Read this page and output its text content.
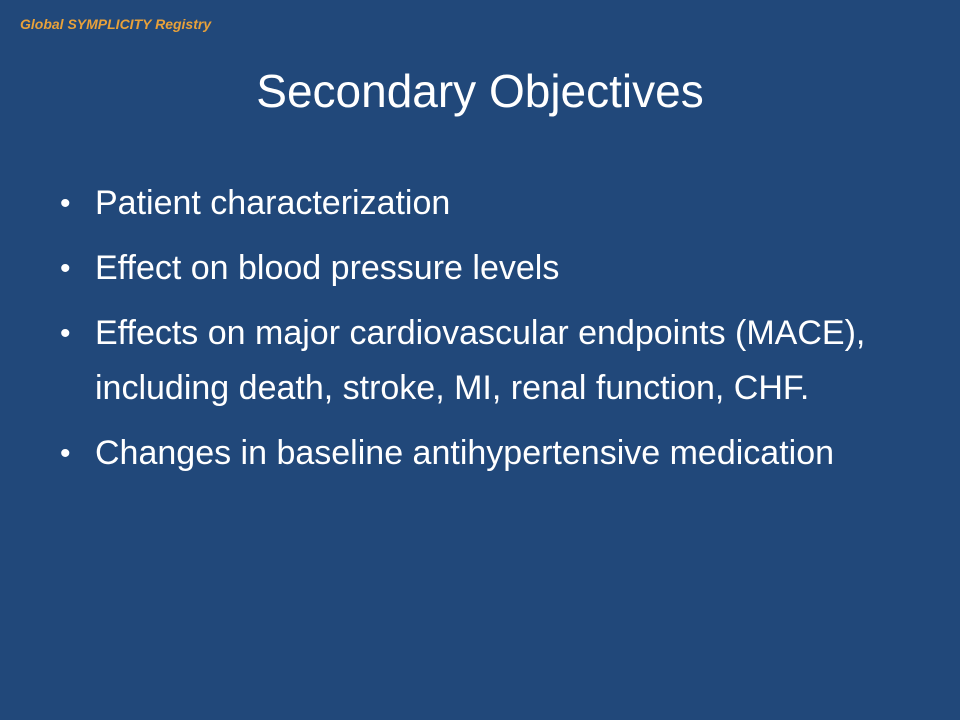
Global SYMPLICITY Registry
Secondary Objectives
• Patient characterization
• Effect on blood pressure levels
• Effects on major cardiovascular endpoints (MACE), including death, stroke, MI, renal function, CHF.
• Changes in baseline antihypertensive medication
